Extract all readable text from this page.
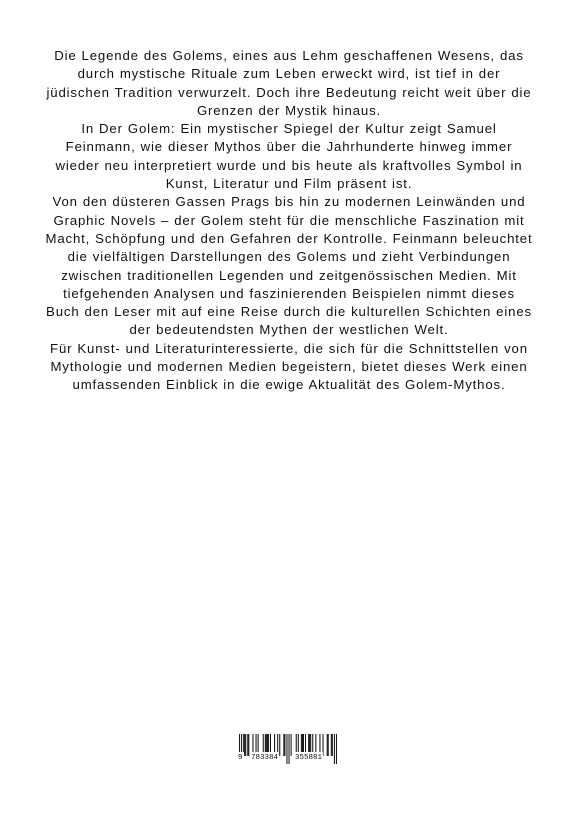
Die Legende des Golems, eines aus Lehm geschaffenen Wesens, das durch mystische Rituale zum Leben erweckt wird, ist tief in der jüdischen Tradition verwurzelt. Doch ihre Bedeutung reicht weit über die Grenzen der Mystik hinaus.

In Der Golem: Ein mystischer Spiegel der Kultur zeigt Samuel Feinmann, wie dieser Mythos über die Jahrhunderte hinweg immer wieder neu interpretiert wurde und bis heute als kraftvolles Symbol in Kunst, Literatur und Film präsent ist.

Von den düsteren Gassen Prags bis hin zu modernen Leinwänden und Graphic Novels – der Golem steht für die menschliche Faszination mit Macht, Schöpfung und den Gefahren der Kontrolle. Feinmann beleuchtet die vielfältigen Darstellungen des Golems und zieht Verbindungen zwischen traditionellen Legenden und zeitgenössischen Medien. Mit tiefgehenden Analysen und faszinierenden Beispielen nimmt dieses Buch den Leser mit auf eine Reise durch die kulturellen Schichten eines der bedeutendsten Mythen der westlichen Welt.

Für Kunst- und Literaturinteressierte, die sich für die Schnittstellen von Mythologie und modernen Medien begeistern, bietet dieses Werk einen umfassenden Einblick in die ewige Aktualität des Golem-Mythos.

9 783384 355881
